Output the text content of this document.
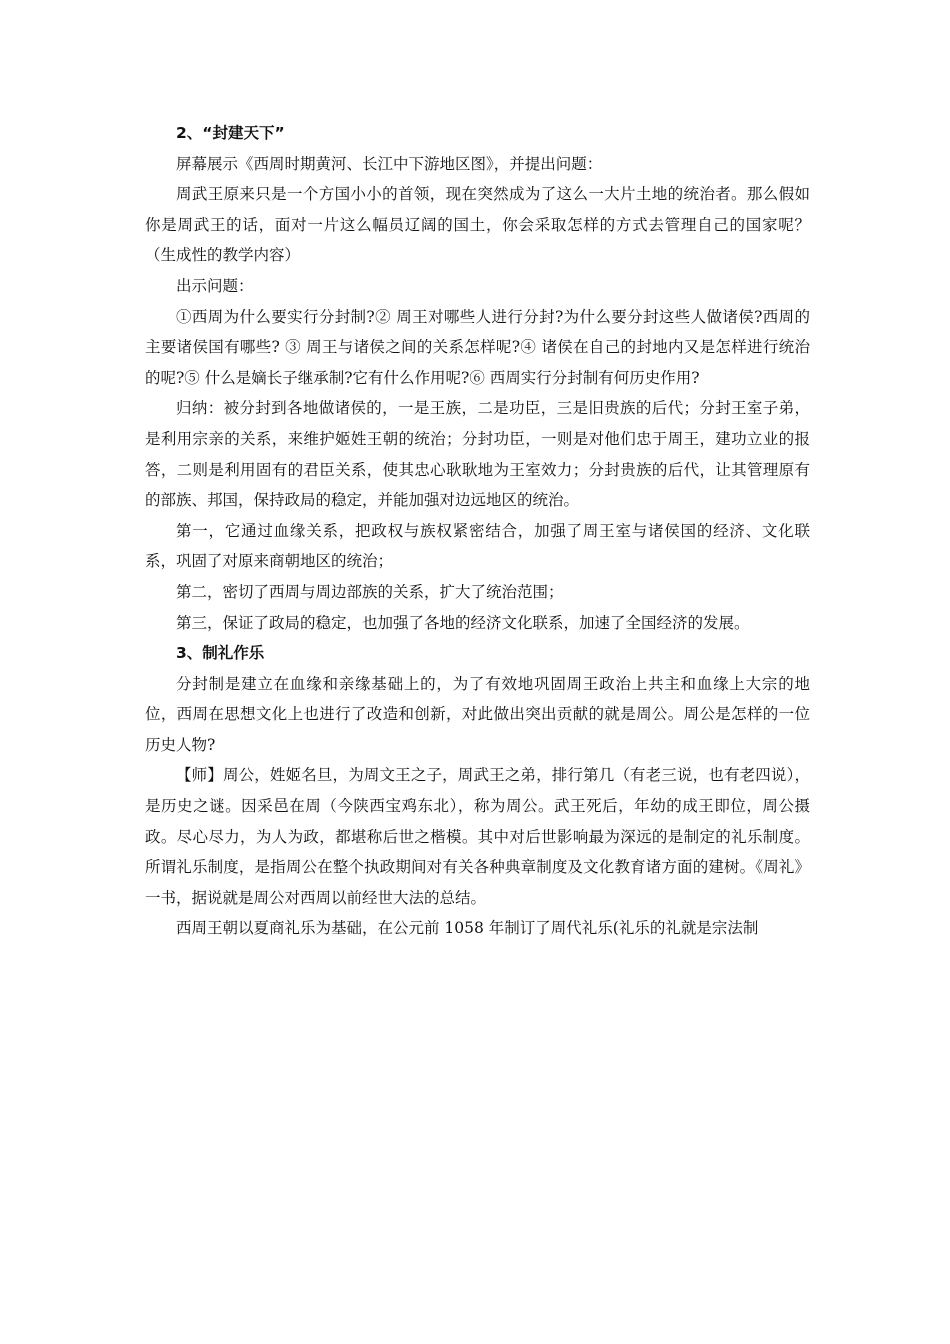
2、“封建天下”

屏幕展示《西周时期黄河、长江中下游地区图》，并提出问题：

周武王原来只是一个方国小小的首领，现在突然成为了这么一大片土地的统治者。那么假如你是周武王的话，面对一片这么幅员辽阔的国土，你会采取怎样的方式去管理自己的国家呢？（生成性的教学内容）

出示问题：

①西周为什么要实行分封制?② 周王对哪些人进行分封?为什么要分封这些人做诸侯?西周的主要诸侯国有哪些? ③ 周王与诸侯之间的关系怎样呢?④ 诸侯在自己的封地内又是怎样进行统治的呢?⑤ 什么是嫡长子继承制?它有什么作用呢?⑥ 西周实行分封制有何历史作用?

归纳：被分封到各地做诸侯的，一是王族，二是功臣，三是旧贵族的后代；分封王室子弟，是利用宗亲的关系，来维护姬姓王朝的统治；分封功臣，一则是对他们忠于周王，建功立业的报答，二则是利用固有的君臣关系，使其忠心耿耿地为王室效力；分封贵族的后代，让其管理原有的部族、邦国，保持政局的稳定，并能加强对边远地区的统治。

第一，它通过血缘关系，把政权与族权紧密结合，加强了周王室与诸侯国的经济、文化联系，巩固了对原来商朝地区的统治；

第二，密切了西周与周边部族的关系，扩大了统治范围；

第三，保证了政局的稳定，也加强了各地的经济文化联系，加速了全国经济的发展。

3、制礼作乐

分封制是建立在血缘和亲缘基础上的，为了有效地巩固周王政治上共主和血缘上大宗的地位，西周在思想文化上也进行了改造和创新，对此做出突出贡献的就是周公。周公是怎样的一位历史人物?

【师】周公，姓姬名旦，为周文王之子，周武王之弟，排行第几（有老三说，也有老四说），是历史之谜。因采邑在周（今陕西宝鸡东北），称为周公。武王死后，年幼的成王即位，周公摄政。尽心尽力，为人为政，都堪称后世之楷模。其中对后世影响最为深远的是制定的礼乐制度。所谓礼乐制度，是指周公在整个执政期间对有关各种典章制度及文化教育诸方面的建树。《周礼》一书，据说就是周公对西周以前经世大法的总结。

西周王朝以夏商礼乐为基础，在公元前 1058 年制订了周代礼乐(礼乐的礼就是宗法制
